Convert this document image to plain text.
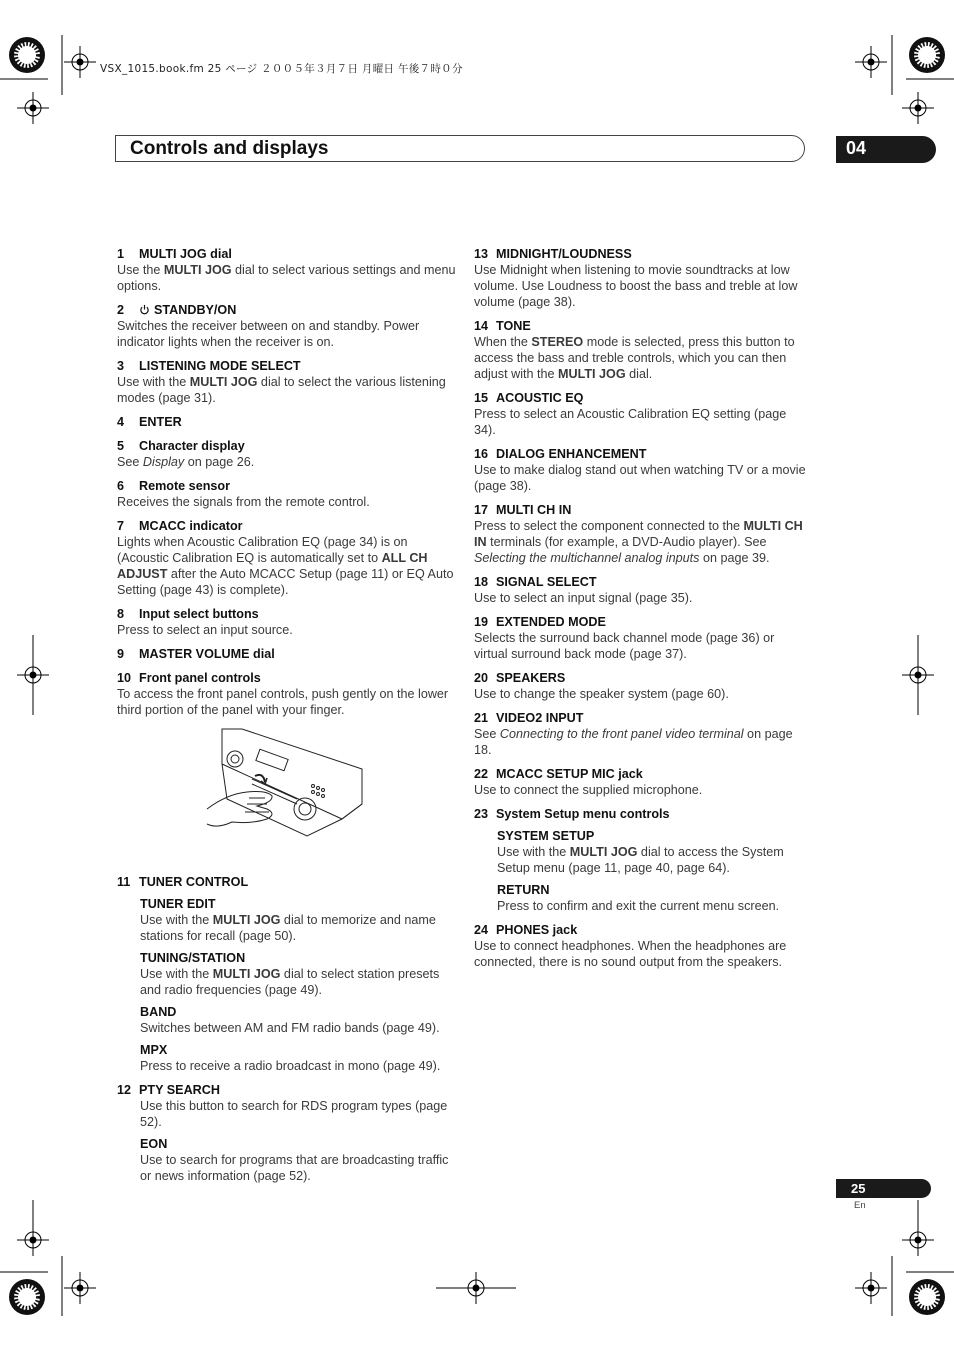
VSX_1015.book.fm 25 ページ ２００５年３月７日 月曜日 午後７時０分
Controls and displays	04
1 MULTI JOG dial
Use the MULTI JOG dial to select various settings and menu options.
2 STANDBY/ON
Switches the receiver between on and standby. Power indicator lights when the receiver is on.
3 LISTENING MODE SELECT
Use with the MULTI JOG dial to select the various listening modes (page 31).
4 ENTER
5 Character display
See Display on page 26.
6 Remote sensor
Receives the signals from the remote control.
7 MCACC indicator
Lights when Acoustic Calibration EQ (page 34) is on (Acoustic Calibration EQ is automatically set to ALL CH ADJUST after the Auto MCACC Setup (page 11) or EQ Auto Setting (page 43) is complete).
8 Input select buttons
Press to select an input source.
9 MASTER VOLUME dial
10 Front panel controls
To access the front panel controls, push gently on the lower third portion of the panel with your finger.
11 TUNER CONTROL
TUNER EDIT
Use with the MULTI JOG dial to memorize and name stations for recall (page 50).
TUNING/STATION
Use with the MULTI JOG dial to select station presets and radio frequencies (page 49).
BAND
Switches between AM and FM radio bands (page 49).
MPX
Press to receive a radio broadcast in mono (page 49).
12 PTY SEARCH
Use this button to search for RDS program types (page 52).
EON
Use to search for programs that are broadcasting traffic or news information (page 52).
13 MIDNIGHT/LOUDNESS
Use Midnight when listening to movie soundtracks at low volume. Use Loudness to boost the bass and treble at low volume (page 38).
14 TONE
When the STEREO mode is selected, press this button to access the bass and treble controls, which you can then adjust with the MULTI JOG dial.
15 ACOUSTIC EQ
Press to select an Acoustic Calibration EQ setting (page 34).
16 DIALOG ENHANCEMENT
Use to make dialog stand out when watching TV or a movie (page 38).
17 MULTI CH IN
Press to select the component connected to the MULTI CH IN terminals (for example, a DVD-Audio player). See Selecting the multichannel analog inputs on page 39.
18 SIGNAL SELECT
Use to select an input signal (page 35).
19 EXTENDED MODE
Selects the surround back channel mode (page 36) or virtual surround back mode (page 37).
20 SPEAKERS
Use to change the speaker system (page 60).
21 VIDEO2 INPUT
See Connecting to the front panel video terminal on page 18.
22 MCACC SETUP MIC jack
Use to connect the supplied microphone.
23 System Setup menu controls
SYSTEM SETUP
Use with the MULTI JOG dial to access the System Setup menu (page 11, page 40, page 64).
RETURN
Press to confirm and exit the current menu screen.
24 PHONES jack
Use to connect headphones. When the headphones are connected, there is no sound output from the speakers.
25
En
